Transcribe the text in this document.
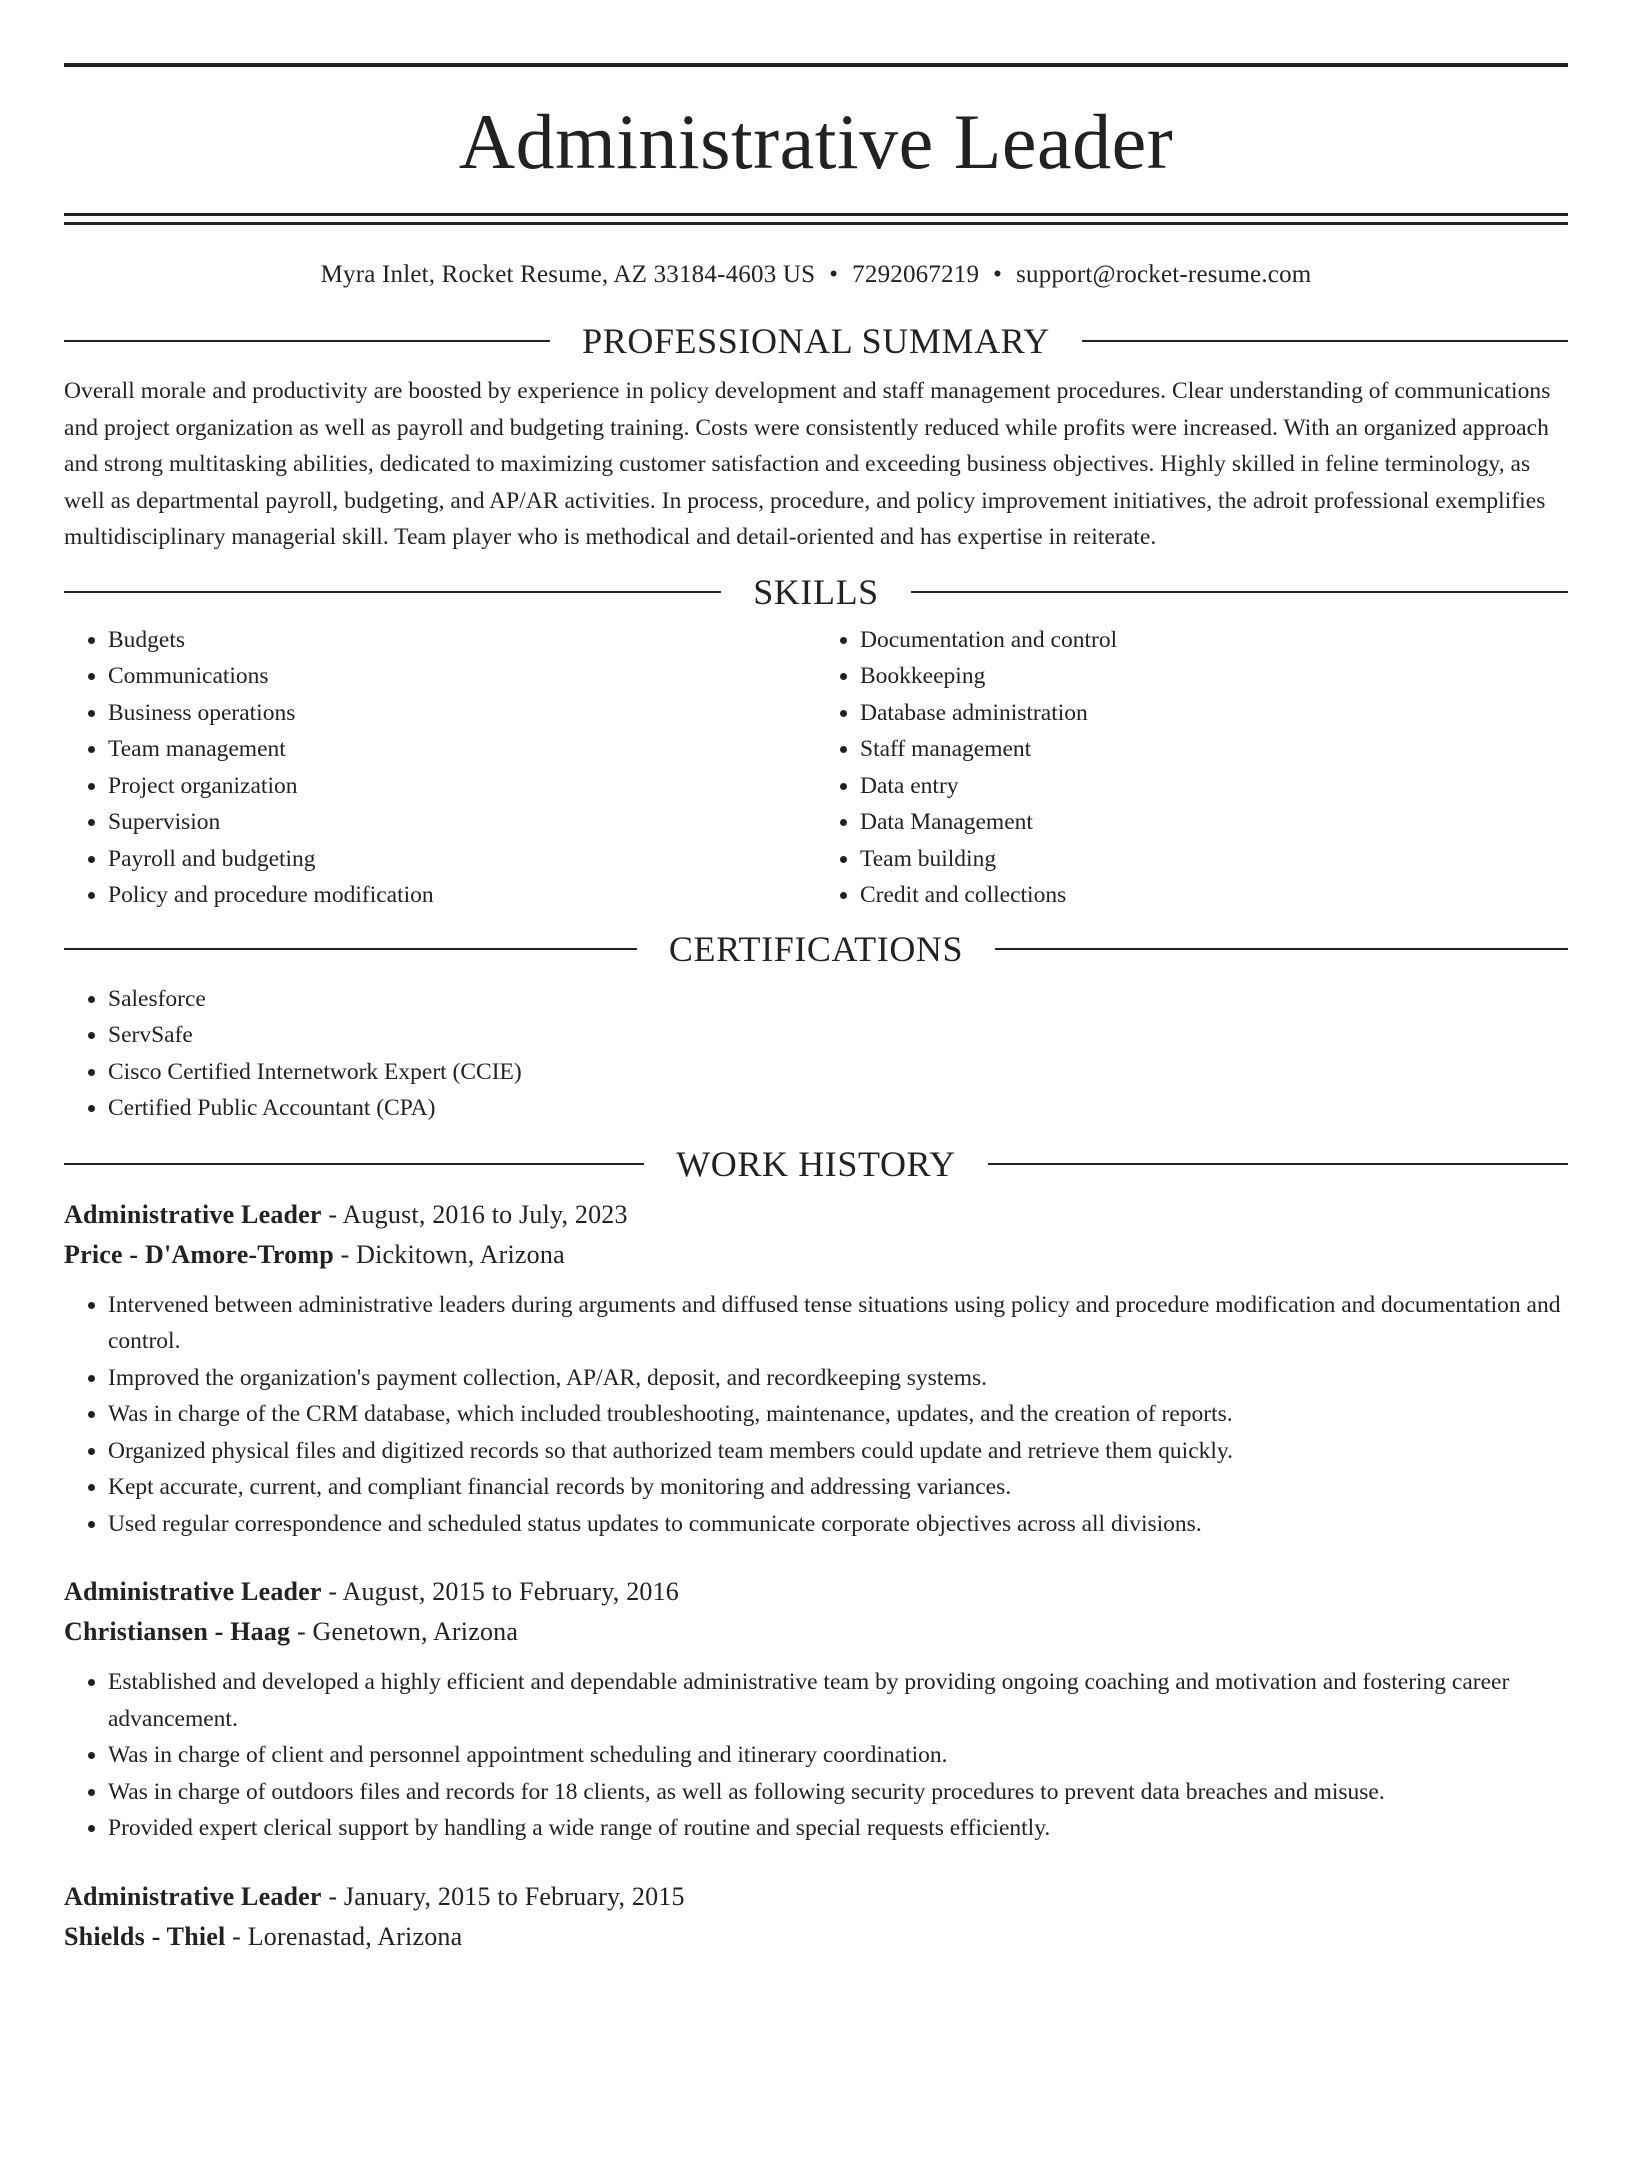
Administrative Leader
Myra Inlet, Rocket Resume, AZ 33184-4603 US • 7292067219 • support@rocket-resume.com
PROFESSIONAL SUMMARY

Overall morale and productivity are boosted by experience in policy development and staff management procedures. Clear understanding of communications and project organization as well as payroll and budgeting training. Costs were consistently reduced while profits were increased. With an organized approach and strong multitasking abilities, dedicated to maximizing customer satisfaction and exceeding business objectives. Highly skilled in feline terminology, as well as departmental payroll, budgeting, and AP/AR activities. In process, procedure, and policy improvement initiatives, the adroit professional exemplifies multidisciplinary managerial skill. Team player who is methodical and detail-oriented and has expertise in reiterate.

SKILLS
• Budgets
• Communications
• Business operations
• Team management
• Project organization
• Supervision
• Payroll and budgeting
• Policy and procedure modification
• Documentation and control
• Bookkeeping
• Database administration
• Staff management
• Data entry
• Data Management
• Team building
• Credit and collections
CERTIFICATIONS
• Salesforce
• ServSafe
• Cisco Certified Internetwork Expert (CCIE)
• Certified Public Accountant (CPA)
WORK HISTORY
Administrative Leader - August, 2016 to July, 2023
Price - D'Amore-Tromp - Dickitown, Arizona
• Intervened between administrative leaders during arguments and diffused tense situations using policy and procedure modification and documentation and control.
• Improved the organization's payment collection, AP/AR, deposit, and recordkeeping systems.
• Was in charge of the CRM database, which included troubleshooting, maintenance, updates, and the creation of reports.
• Organized physical files and digitized records so that authorized team members could update and retrieve them quickly.
• Kept accurate, current, and compliant financial records by monitoring and addressing variances.
• Used regular correspondence and scheduled status updates to communicate corporate objectives across all divisions.
Administrative Leader - August, 2015 to February, 2016
Christiansen - Haag - Genetown, Arizona
• Established and developed a highly efficient and dependable administrative team by providing ongoing coaching and motivation and fostering career advancement.
• Was in charge of client and personnel appointment scheduling and itinerary coordination.
• Was in charge of outdoors files and records for 18 clients, as well as following security procedures to prevent data breaches and misuse.
• Provided expert clerical support by handling a wide range of routine and special requests efficiently.
Administrative Leader - January, 2015 to February, 2015
Shields - Thiel - Lorenastad, Arizona
